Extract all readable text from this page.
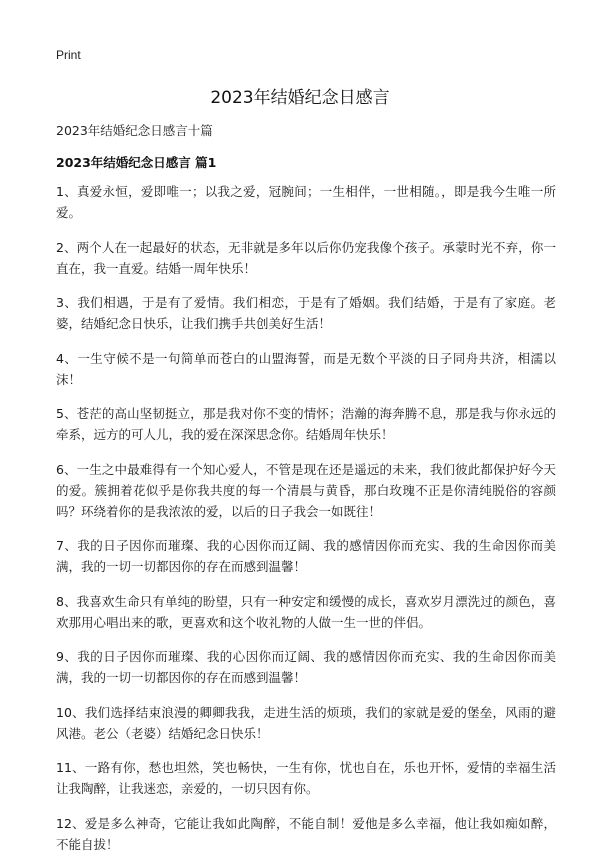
Print
2023年结婚纪念日感言
2023年结婚纪念日感言十篇
2023年结婚纪念日感言 篇1

1、真爱永恒，爱即唯一；以我之爱，冠腕间；一生相伴，一世相随。，即是我今生唯一所爱。

2、两个人在一起最好的状态，无非就是多年以后你仍宠我像个孩子。承蒙时光不弃，你一直在，我一直爱。结婚一周年快乐！

3、我们相遇，于是有了爱情。我们相恋，于是有了婚姻。我们结婚，于是有了家庭。老婆，结婚纪念日快乐，让我们携手共创美好生活！

4、一生守候不是一句简单而苍白的山盟海誓，而是无数个平淡的日子同舟共济，相濡以沫！

5、苍茫的高山坚韧挺立，那是我对你不变的情怀；浩瀚的海奔腾不息，那是我与你永远的牵系，远方的可人儿，我的爱在深深思念你。结婚周年快乐！

6、一生之中最难得有一个知心爱人，不管是现在还是遥远的未来，我们彼此都保护好今天的爱。簇拥着花似乎是你我共度的每一个清晨与黄昏，那白玫瑰不正是你清纯脱俗的容颜吗？环绕着你的是我浓浓的爱，以后的日子我会一如既往！

7、我的日子因你而璀璨、我的心因你而辽阔、我的感情因你而充实、我的生命因你而美满，我的一切一切都因你的存在而感到温馨！

8、我喜欢生命只有单纯的盼望，只有一种安定和缓慢的成长，喜欢岁月漂洗过的颜色，喜欢那用心唱出来的歌，更喜欢和这个收礼物的人做一生一世的伴侣。

9、我的日子因你而璀璨、我的心因你而辽阔、我的感情因你而充实、我的生命因你而美满，我的一切一切都因你的存在而感到温馨！

10、我们选择结束浪漫的卿卿我我，走进生活的烦琐，我们的家就是爱的堡垒，风雨的避风港。老公（老婆）结婚纪念日快乐！

11、一路有你，愁也坦然，笑也畅快，一生有你，忧也自在，乐也开怀，爱情的幸福生活让我陶醉，让我迷恋，亲爱的，一切只因有你。

12、爱是多么神奇，它能让我如此陶醉，不能自制！爱他是多么幸福，他让我如痴如醉，不能自拔！
